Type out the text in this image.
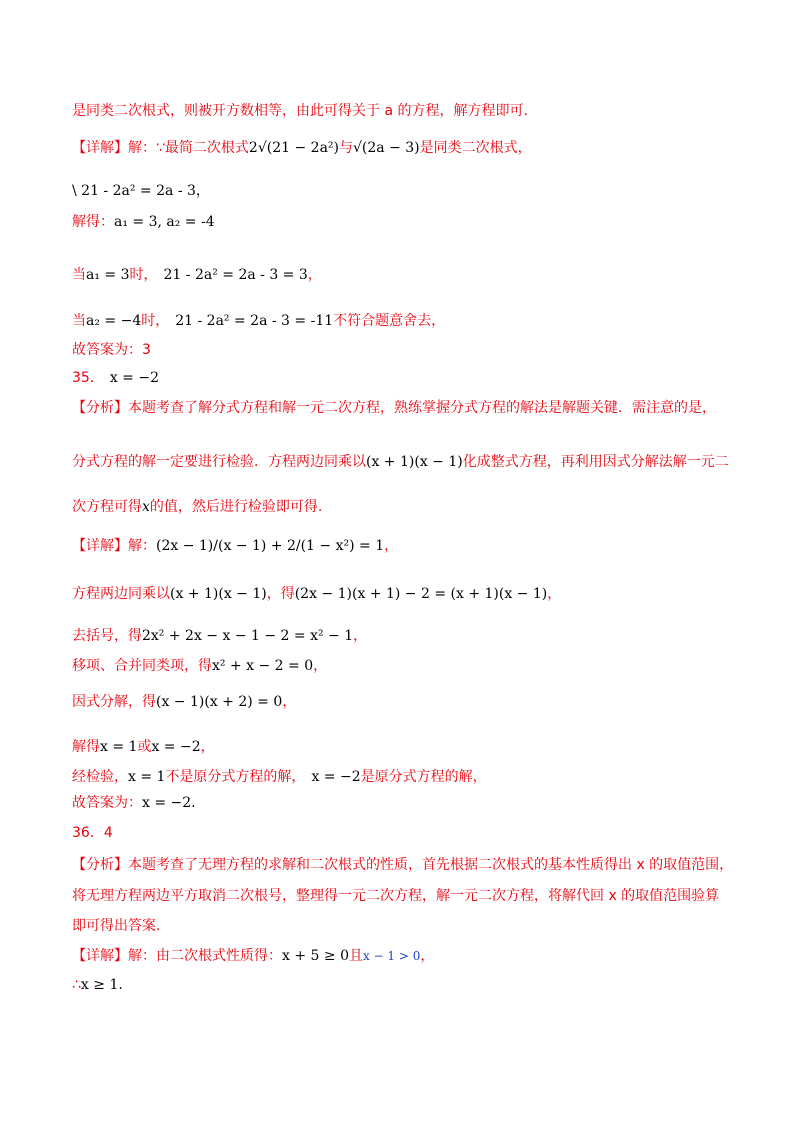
是同类二次根式，则被开方数相等，由此可得关于 a 的方程，解方程即可.
【详解】解：∵最简二次根式2√(21 − 2a²)与√(2a − 3)是同类二次根式，
\ 21 - 2a² = 2a - 3，
解得：a₁ = 3, a₂ = -4
当a₁ = 3时， 21 - 2a² = 2a - 3 = 3，
当a₂ = −4时， 21 - 2a² = 2a - 3 = -11不符合题意舍去，
故答案为：3
35． x = −2
【分析】本题考查了解分式方程和解一元二次方程，熟练掌握分式方程的解法是解题关键．需注意的是，
分式方程的解一定要进行检验．方程两边同乘以(x + 1)(x − 1)化成整式方程，再利用因式分解法解一元二
次方程可得x的值，然后进行检验即可得.
【详解】解：(2x − 1)/(x − 1) + 2/(1 − x²) = 1，
方程两边同乘以(x + 1)(x − 1)，得(2x − 1)(x + 1) − 2 = (x + 1)(x − 1)，
去括号，得2x² + 2x − x − 1 − 2 = x² − 1，
移项、合并同类项，得x² + x − 2 = 0，
因式分解，得(x − 1)(x + 2) = 0，
解得x = 1或x = −2，
经检验，x = 1不是原分式方程的解， x = −2是原分式方程的解，
故答案为：x = −2.
36．4
【分析】本题考查了无理方程的求解和二次根式的性质，首先根据二次根式的基本性质得出 x 的取值范围，
将无理方程两边平方取消二次根号，整理得一元二次方程，解一元二次方程，将解代回 x 的取值范围验算
即可得出答案.
【详解】解：由二次根式性质得：x + 5 ≥ 0且x − 1 > 0，
∴x ≥ 1.
